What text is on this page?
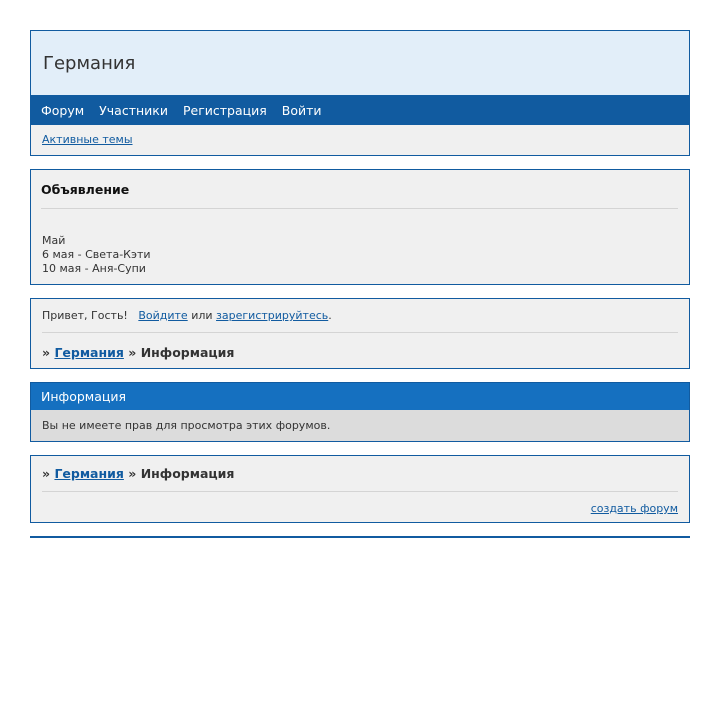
Германия
Форум Участники Регистрация Войти
Активные темы
Объявление
Май
6 мая - Света-Кэти
10 мая - Аня-Супи
Привет, Гость! Войдите или зарегистрируйтесь.
» Германия » Информация
Информация
Вы не имеете прав для просмотра этих форумов.
» Германия » Информация
создать форум
